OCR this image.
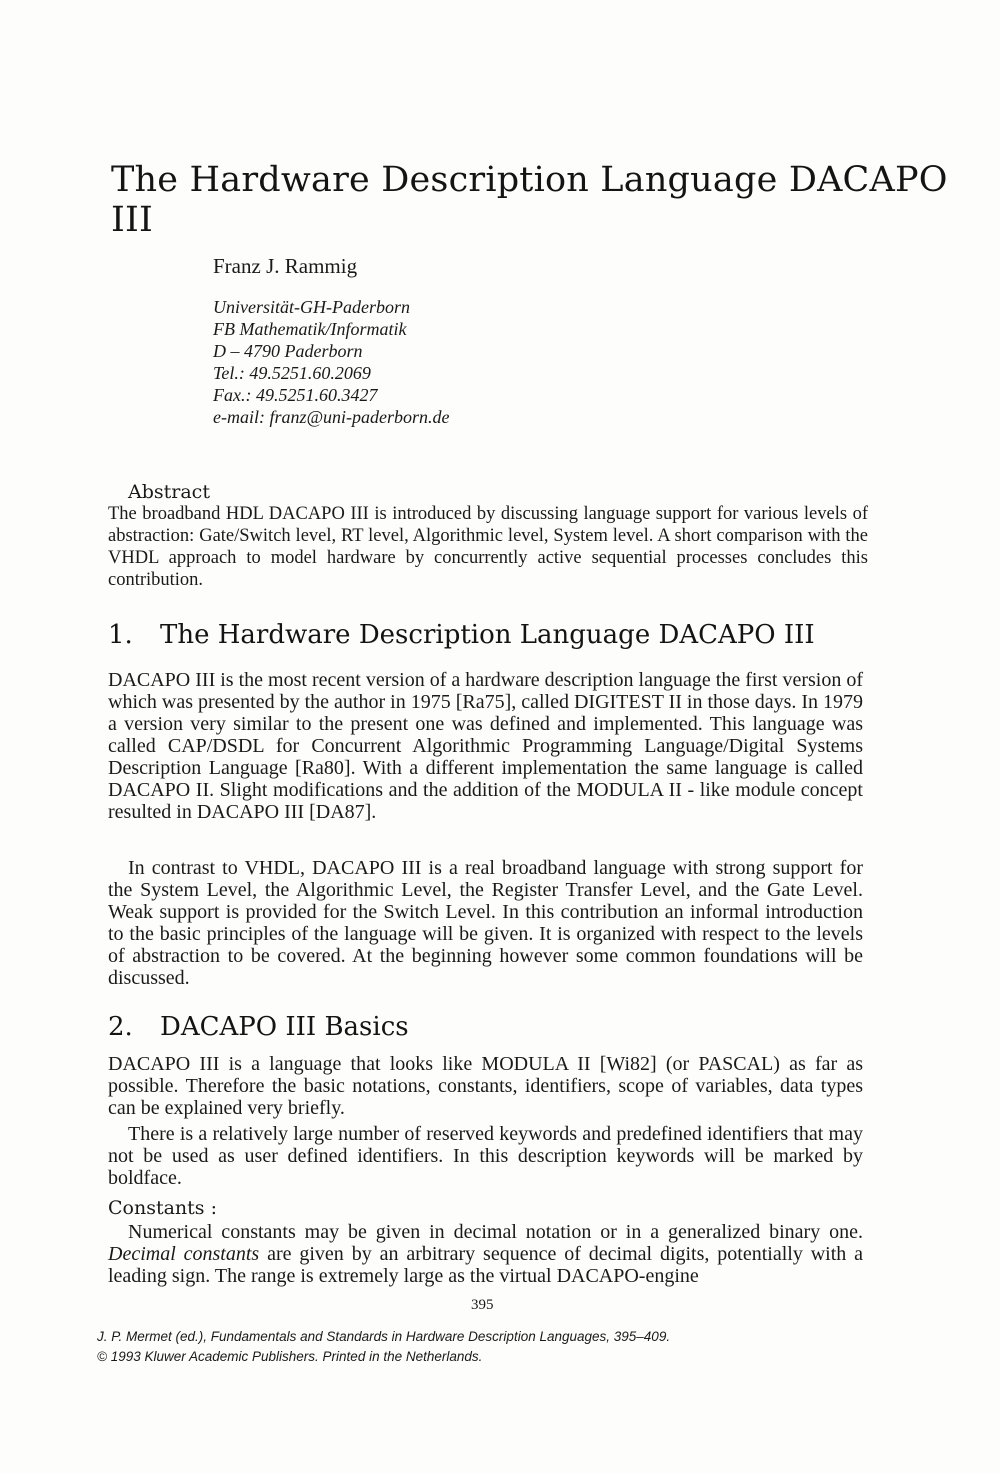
The Hardware Description Language DACAPO III
Franz J. Rammig
Universität-GH-Paderborn
FB Mathematik/Informatik
D – 4790 Paderborn
Tel.: 49.5251.60.2069
Fax.: 49.5251.60.3427
e-mail: franz@uni-paderborn.de
Abstract

The broadband HDL DACAPO III is introduced by discussing language support for various levels of abstraction: Gate/Switch level, RT level, Algorithmic level, System level. A short comparison with the VHDL approach to model hardware by concurrently active sequential processes concludes this contribution.

1. The Hardware Description Language DACAPO III

DACAPO III is the most recent version of a hardware description language the first version of which was presented by the author in 1975 [Ra75], called DIGITEST II in those days. In 1979 a version very similar to the present one was defined and implemented. This language was called CAP/DSDL for Concurrent Algorithmic Programming Language/Digital Systems Description Language [Ra80]. With a different implementation the same language is called DACAPO II. Slight modifications and the addition of the MODULA II - like module concept resulted in DACAPO III [DA87].

In contrast to VHDL, DACAPO III is a real broadband language with strong support for the System Level, the Algorithmic Level, the Register Transfer Level, and the Gate Level. Weak support is provided for the Switch Level. In this contribution an informal introduction to the basic principles of the language will be given. It is organized with respect to the levels of abstraction to be covered. At the beginning however some common foundations will be discussed.

2. DACAPO III Basics

DACAPO III is a language that looks like MODULA II [Wi82] (or PASCAL) as far as possible. Therefore the basic notations, constants, identifiers, scope of variables, data types can be explained very briefly.

There is a relatively large number of reserved keywords and predefined identifiers that may not be used as user defined identifiers. In this description keywords will be marked by boldface.

Constants :

Numerical constants may be given in decimal notation or in a generalized binary one. Decimal constants are given by an arbitrary sequence of decimal digits, potentially with a leading sign. The range is extremely large as the virtual DACAPO-engine

395
J. P. Mermet (ed.), Fundamentals and Standards in Hardware Description Languages, 395–409.
© 1993 Kluwer Academic Publishers. Printed in the Netherlands.
